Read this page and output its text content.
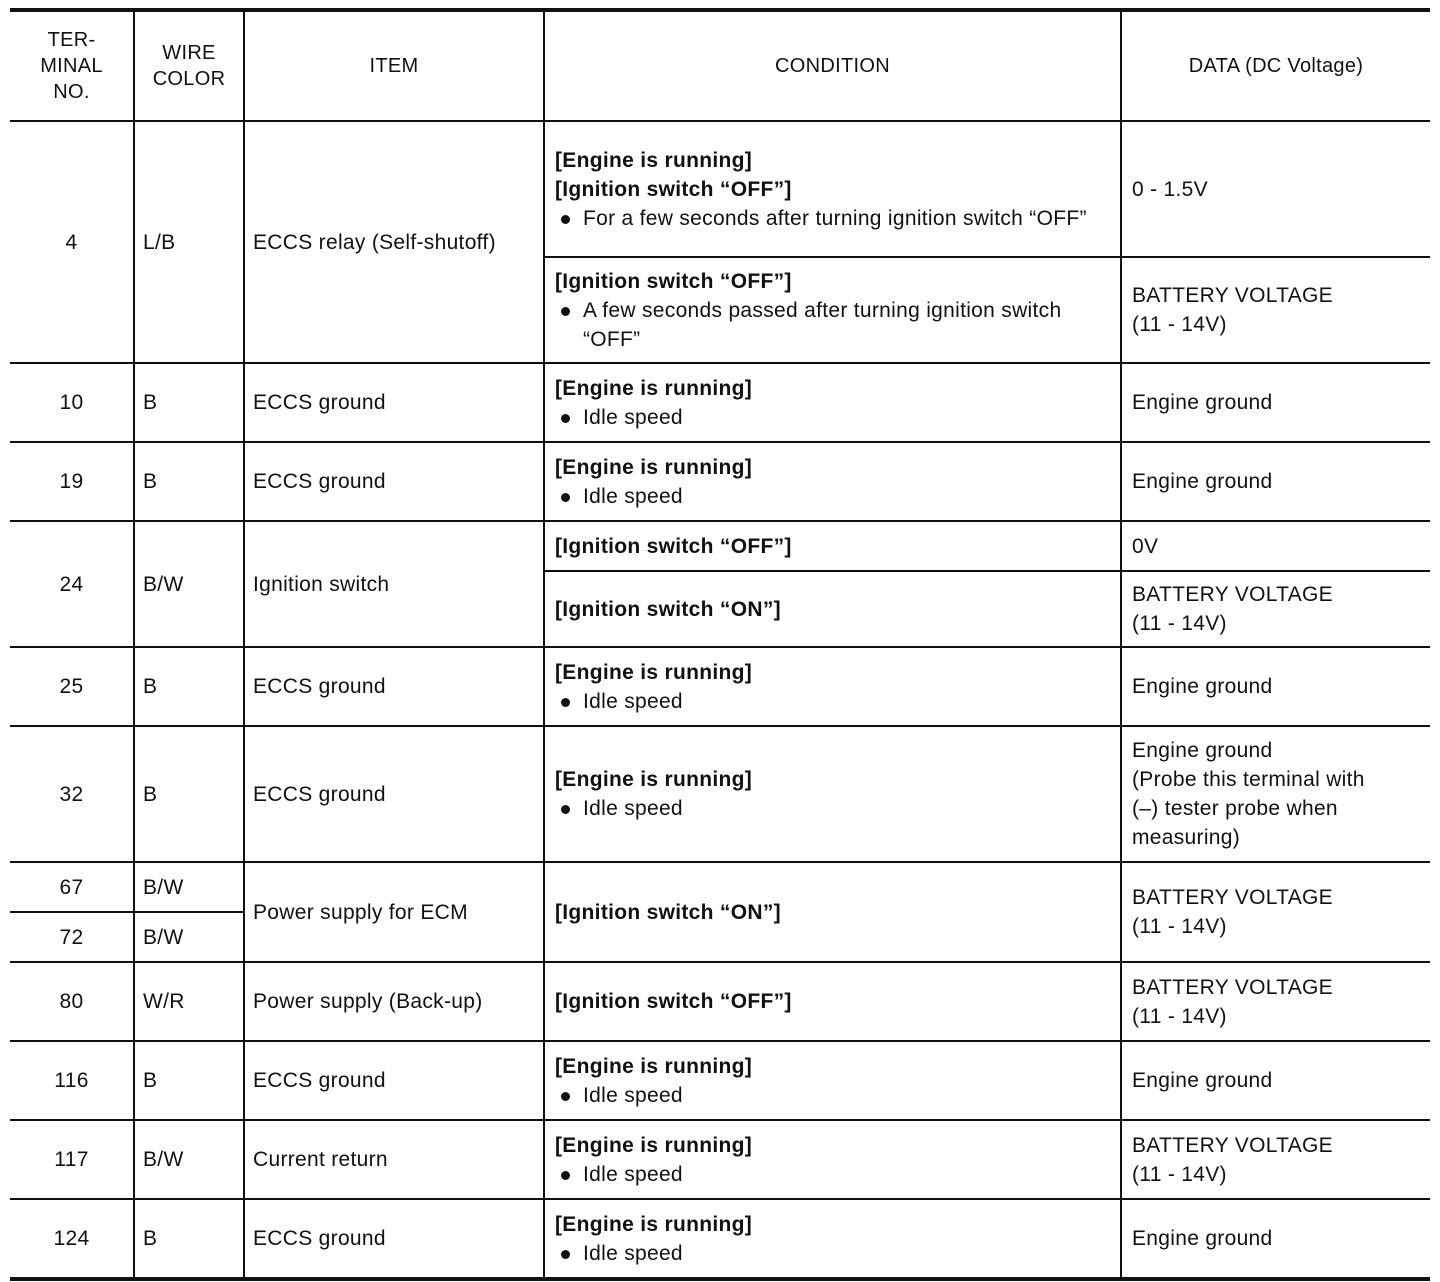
TER-
MINAL
NO.	WIRE
COLOR	ITEM	CONDITION	DATA (DC Voltage)
4	L/B	ECCS relay (Self-shutoff)	[Engine is running]
[Ignition switch “OFF”]
For a few seconds after turning ignition switch “OFF”	0 - 1.5V

			[Ignition switch “OFF”]
A few seconds passed after turning ignition switch “OFF”	BATTERY VOLTAGE
(11 - 14V)

10	B	ECCS ground	[Engine is running]
Idle speed	Engine ground
19	B	ECCS ground	[Engine is running]
Idle speed	Engine ground
24	B/W	Ignition switch	[Ignition switch “OFF”]	0V

			[Ignition switch “ON”]	BATTERY VOLTAGE
(11 - 14V)

25	B	ECCS ground	[Engine is running]
Idle speed	Engine ground
32	B	ECCS ground	[Engine is running]
Idle speed	Engine ground
(Probe this terminal with
(–) tester probe when
measuring)

67	B/W	Power supply for ECM	[Ignition switch “ON”]	BATTERY VOLTAGE
(11 - 14V)

72	B/W			
80	W/R	Power supply (Back-up)	[Ignition switch “OFF”]	BATTERY VOLTAGE
(11 - 14V)

116	B	ECCS ground	[Engine is running]
Idle speed	Engine ground
117	B/W	Current return	[Engine is running]
Idle speed	BATTERY VOLTAGE
(11 - 14V)

124	B	ECCS ground	[Engine is running]
Idle speed	Engine ground
